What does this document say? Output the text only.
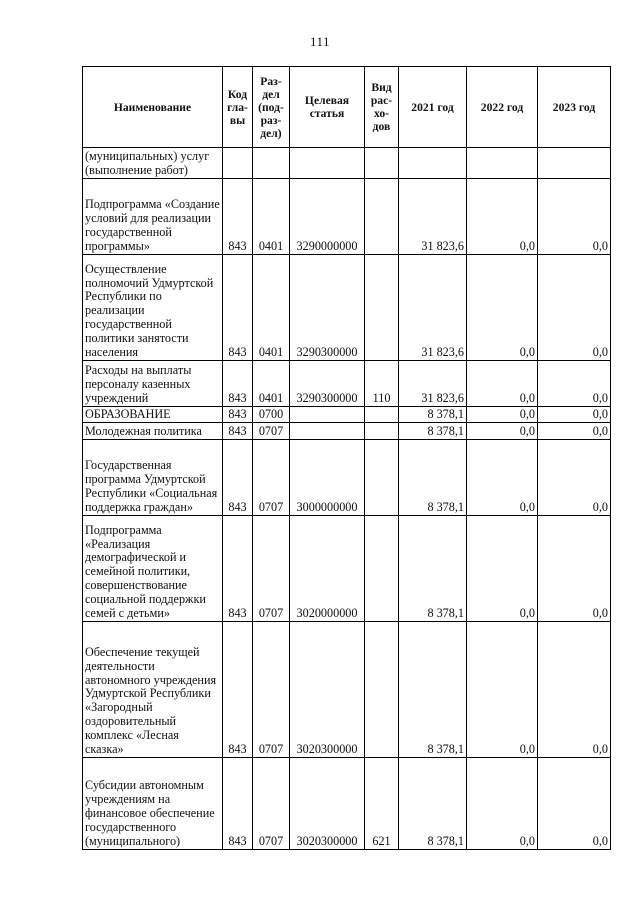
111
Наименование	Код
гла-
вы	Раз-
дел
(под-
раз-
дел)	Целевая
статья	Вид
рас-
хо-
дов	2021 год	2022 год	2023 год
(муниципальных) услуг (выполнение работ)							
Подпрограмма «Создание условий для реализации государственной программы»	843	0401	3290000000		31 823,6	0,0	0,0
Осуществление полномочий Удмуртской Республики по реализации государственной политики занятости населения	843	0401	3290300000		31 823,6	0,0	0,0
Расходы на выплаты персоналу казенных учреждений	843	0401	3290300000	110	31 823,6	0,0	0,0
ОБРАЗОВАНИЕ	843	0700			8 378,1	0,0	0,0
Молодежная политика	843	0707			8 378,1	0,0	0,0
Государственная программа Удмуртской Республики «Социальная поддержка граждан»	843	0707	3000000000		8 378,1	0,0	0,0
Подпрограмма «Реализация демографической и семейной политики, совершенствование социальной поддержки семей с детьми»	843	0707	3020000000		8 378,1	0,0	0,0
Обеспечение текущей деятельности автономного учреждения Удмуртской Республики «Загородный оздоровительный комплекс «Лесная сказка»	843	0707	3020300000		8 378,1	0,0	0,0
Субсидии автономным учреждениям на финансовое обеспечение государственного (муниципального)	843	0707	3020300000	621	8 378,1	0,0	0,0
